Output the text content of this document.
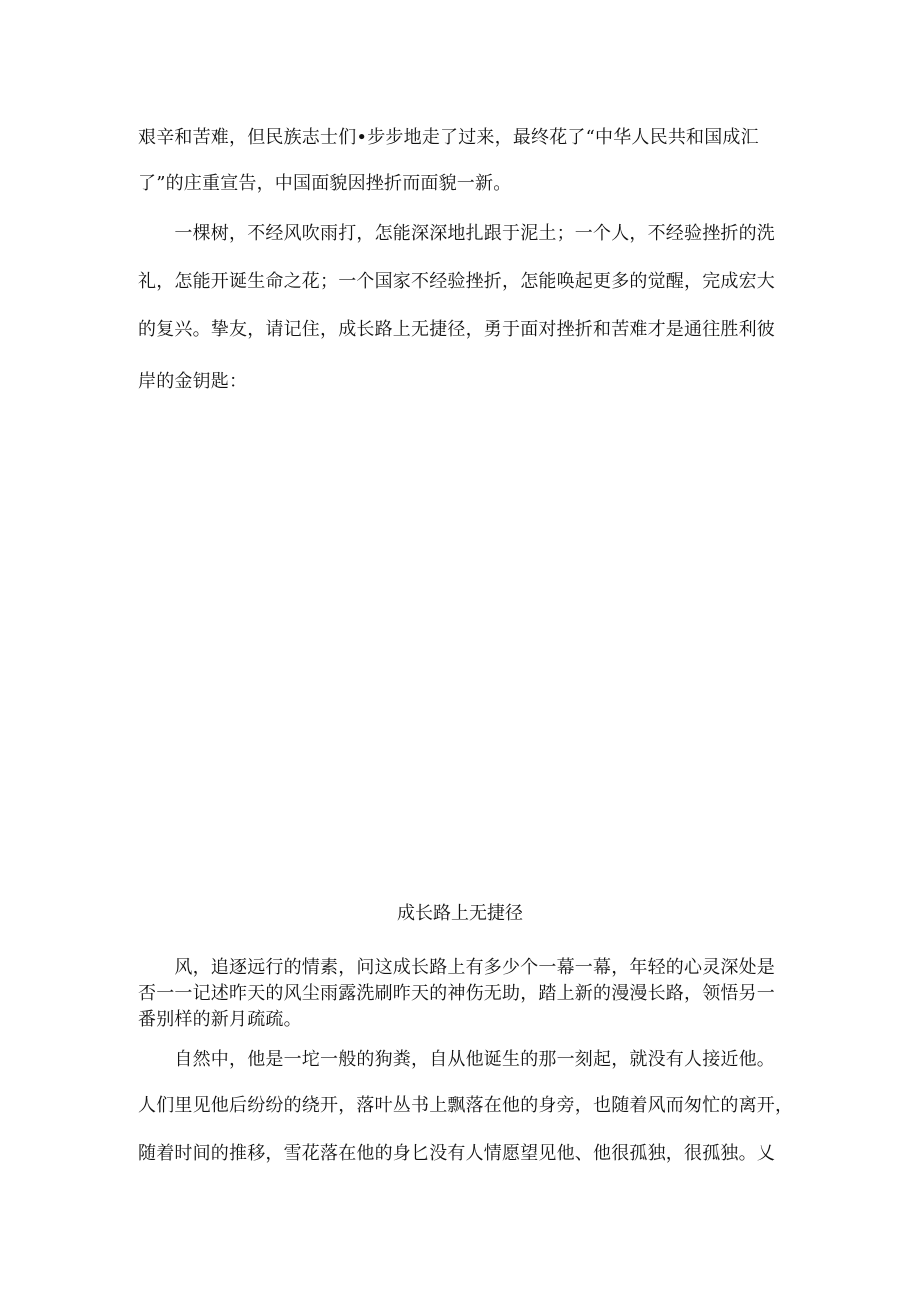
艰辛和苦难，但民族志士们•步步地走了过来，最终花了“中华人民共和国成汇
了”的庄重宣告，中国面貌因挫折而面貌一新。
　　一棵树，不经风吹雨打，怎能深深地扎跟于泥土；一个人，不经验挫折的洗
礼，怎能开诞生命之花；一个国家不经验挫折，怎能唤起更多的觉醒，完成宏大
的复兴。挚友，请记住，成长路上无捷径，勇于面对挫折和苦难才是通往胜利彼
岸的金钥匙：
成长路上无捷径
　　风，追逐远行的情素，问这成长路上有多少个一幕一幕，年轻的心灵深处是
否一一记述昨天的风尘雨露洗刷昨天的神伤无助，踏上新的漫漫长路，领悟另一
番别样的新月疏疏。
　　自然中，他是一坨一般的狗粪，自从他诞生的那一刻起，就没有人接近他。
人们里见他后纷纷的绕开，落叶丛书上飘落在他的身旁，也随着风而匆忙的离开，
随着时间的推移，雪花落在他的身匕没有人情愿望见他、他很孤独，很孤独。乂
